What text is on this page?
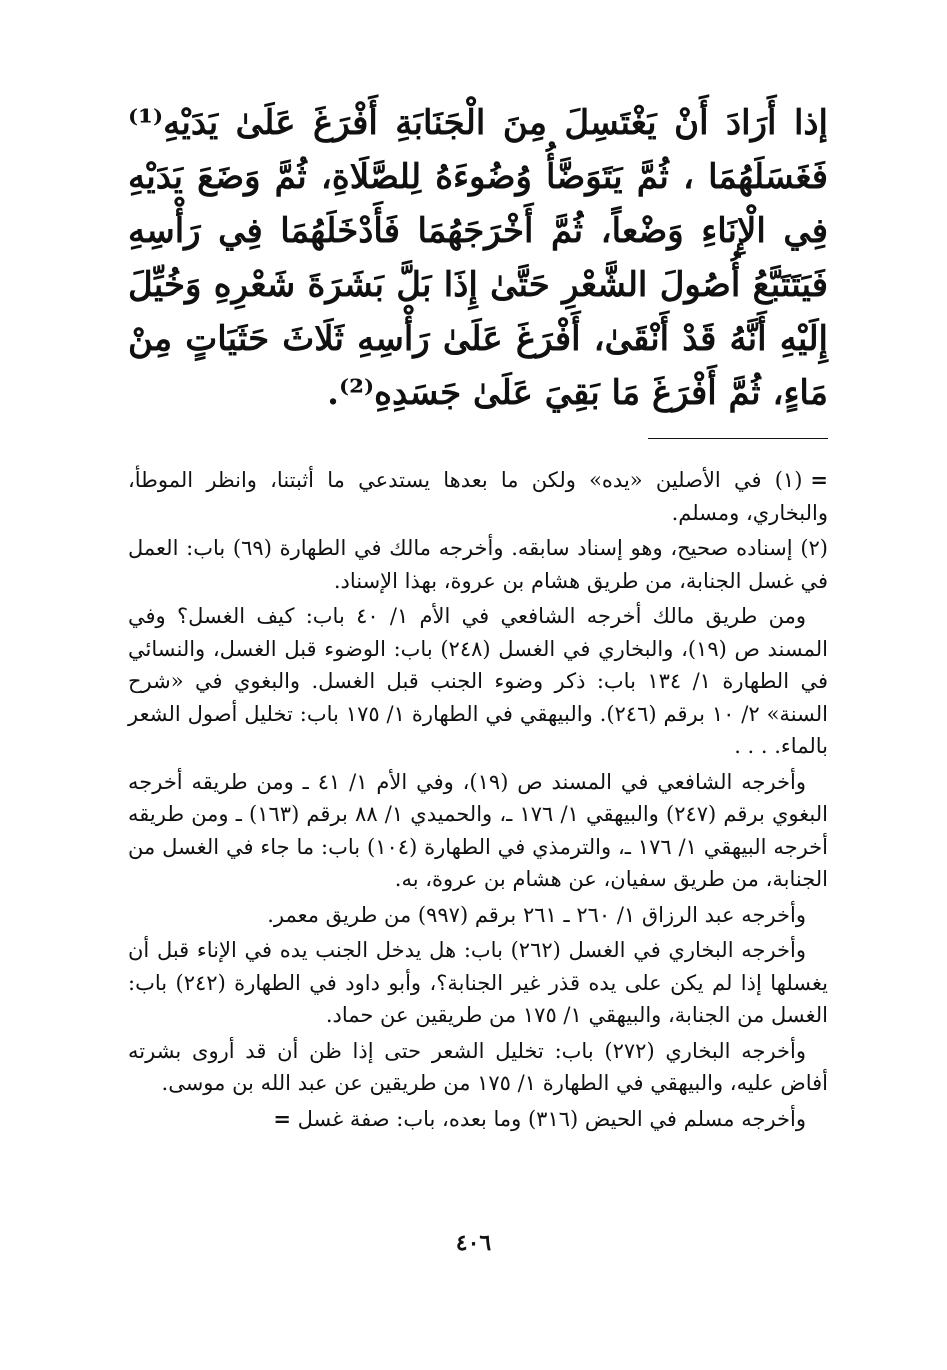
إذا أَرَادَ أَنْ يَغْتَسِلَ مِنَ الْجَنَابَةِ أَفْرَغَ عَلَىٰ يَدَيْهِ⁽¹⁾ فَغَسَلَهُمَا ، ثُمَّ يَتَوَضَّأُ وُضُوءَهُ لِلصَّلَاةِ، ثُمَّ وَضَعَ يَدَيْهِ فِي الْإِنَاءِ وَضْعاً، ثُمَّ أَخْرَجَهُمَا فَأَدْخَلَهُمَا فِي رَأْسِهِ فَيَتَتَبَّعُ أُصُولَ الشَّعْرِ حَتَّىٰ إِذَا بَلَّ بَشَرَةَ شَعْرِهِ وَخُيِّلَ إِلَيْهِ أَنَّهُ قَدْ أَنْقَىٰ، أَفْرَغَ عَلَىٰ رَأْسِهِ ثَلَاثَ حَثَيَاتٍ مِنْ مَاءٍ، ثُمَّ أَفْرَغَ مَا بَقِيَ عَلَىٰ جَسَدِهِ⁽²⁾.

=(١) في الأصلين «يده» ولكن ما بعدها يستدعي ما أثبتنا، وانظر الموطأ، والبخاري، ومسلم.

(٢) إسناده صحيح، وهو إسناد سابقه. وأخرجه مالك في الطهارة (٦٩) باب: العمل في غسل الجنابة، من طريق هشام بن عروة، بهذا الإسناد.

ومن طريق مالك أخرجه الشافعي في الأم ١/ ٤٠ باب: كيف الغسل؟ وفي المسند ص (١٩)، والبخاري في الغسل (٢٤٨) باب: الوضوء قبل الغسل، والنسائي في الطهارة ١/ ١٣٤ باب: ذكر وضوء الجنب قبل الغسل. والبغوي في «شرح السنة» ٢/ ١٠ برقم (٢٤٦). والبيهقي في الطهارة ١/ ١٧٥ باب: تخليل أصول الشعر بالماء. . . .

وأخرجه الشافعي في المسند ص (١٩)، وفي الأم ١/ ٤١ ـ ومن طريقه أخرجه البغوي برقم (٢٤٧) والبيهقي ١/ ١٧٦ ـ، والحميدي ١/ ٨٨ برقم (١٦٣) ـ ومن طريقه أخرجه البيهقي ١/ ١٧٦ ـ، والترمذي في الطهارة (١٠٤) باب: ما جاء في الغسل من الجنابة، من طريق سفيان، عن هشام بن عروة، به.

وأخرجه عبد الرزاق ١/ ٢٦٠ ـ ٢٦١ برقم (٩٩٧) من طريق معمر.

وأخرجه البخاري في الغسل (٢٦٢) باب: هل يدخل الجنب يده في الإناء قبل أن يغسلها إذا لم يكن على يده قذر غير الجنابة؟، وأبو داود في الطهارة (٢٤٢) باب: الغسل من الجنابة، والبيهقي ١/ ١٧٥ من طريقين عن حماد.

وأخرجه البخاري (٢٧٢) باب: تخليل الشعر حتى إذا ظن أن قد أروى بشرته أفاض عليه، والبيهقي في الطهارة ١/ ١٧٥ من طريقين عن عبد الله بن موسى.

وأخرجه مسلم في الحيض (٣١٦) وما بعده، باب: صفة غسل =

٤٠٦
